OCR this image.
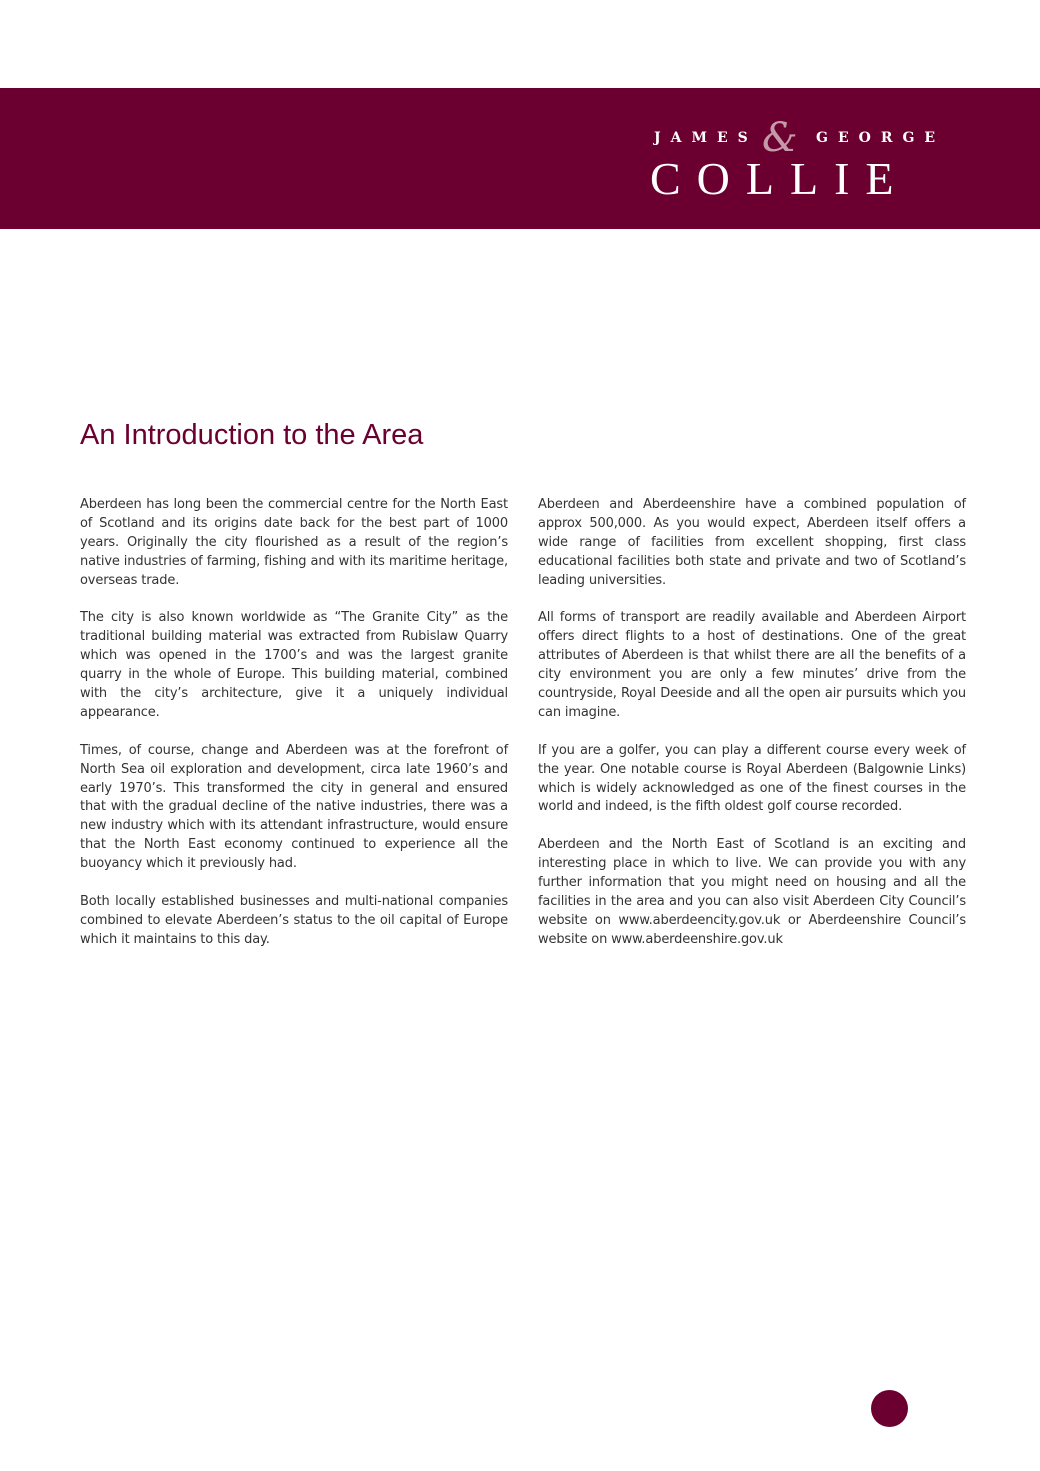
JAMES & GEORGE
COLLIE
An Introduction to the Area

Aberdeen has long been the commercial centre for the North East of Scotland and its origins date back for the best part of 1000 years. Originally the city flourished as a result of the region’s native industries of farming, fishing and with its maritime heritage, overseas trade.

The city is also known worldwide as “The Granite City” as the traditional building material was extracted from Rubislaw Quarry which was opened in the 1700’s and was the largest granite quarry in the whole of Europe. This building material, combined with the city’s architecture, give it a uniquely individual appearance.

Times, of course, change and Aberdeen was at the forefront of North Sea oil exploration and development, circa late 1960’s and early 1970’s. This transformed the city in general and ensured that with the gradual decline of the native industries, there was a new industry which with its attendant infrastructure, would ensure that the North East economy continued to experience all the buoyancy which it previously had.

Both locally established businesses and multi-national companies combined to elevate Aberdeen’s status to the oil capital of Europe which it maintains to this day.

Aberdeen and Aberdeenshire have a combined population of approx 500,000. As you would expect, Aberdeen itself offers a wide range of facilities from excellent shopping, first class educational facilities both state and private and two of Scotland’s leading universities.

All forms of transport are readily available and Aberdeen Airport offers direct flights to a host of destinations. One of the great attributes of Aberdeen is that whilst there are all the benefits of a city environment you are only a few minutes’ drive from the countryside, Royal Deeside and all the open air pursuits which you can imagine.

If you are a golfer, you can play a different course every week of the year. One notable course is Royal Aberdeen (Balgownie Links) which is widely acknowledged as one of the finest courses in the world and indeed, is the fifth oldest golf course recorded.

Aberdeen and the North East of Scotland is an exciting and interesting place in which to live. We can provide you with any further information that you might need on housing and all the facilities in the area and you can also visit Aberdeen City Council’s website on www.aberdeencity.gov.uk or Aberdeenshire Council’s website on www.aberdeenshire.gov.uk
